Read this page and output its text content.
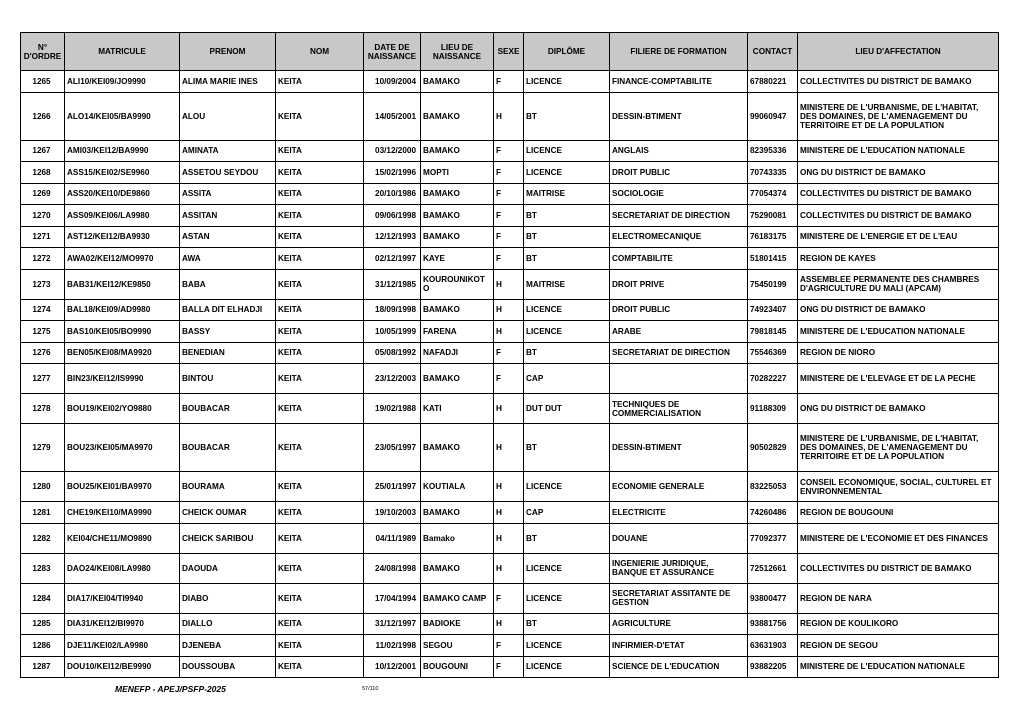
N° D'ORDRE	MATRICULE	PRENOM	NOM	DATE DE NAISSANCE	LIEU DE NAISSANCE	SEXE	DIPLÔME	FILIERE DE FORMATION	CONTACT	LIEU D'AFFECTATION
1265	ALI10/KEI09/JO9990	ALIMA MARIE INES	KEITA	10/09/2004	BAMAKO	F	LICENCE	FINANCE-COMPTABILITE	67880221	COLLECTIVITES DU DISTRICT DE BAMAKO
1266	ALO14/KEI05/BA9990	ALOU	KEITA	14/05/2001	BAMAKO	H	BT	DESSIN-BTIMENT	99060947	MINISTERE DE L'URBANISME, DE L'HABITAT, DES DOMAINES, DE L'AMENAGEMENT DU TERRITOIRE ET DE LA POPULATION
1267	AMI03/KEI12/BA9990	AMINATA	KEITA	03/12/2000	BAMAKO	F	LICENCE	ANGLAIS	82395336	MINISTERE DE L'EDUCATION NATIONALE
1268	ASS15/KEI02/SE9960	ASSETOU SEYDOU	KEITA	15/02/1996	MOPTI	F	LICENCE	DROIT PUBLIC	70743335	ONG DU DISTRICT DE BAMAKO
1269	ASS20/KEI10/DE9860	ASSITA	KEITA	20/10/1986	BAMAKO	F	MAITRISE	SOCIOLOGIE	77054374	COLLECTIVITES DU DISTRICT DE BAMAKO
1270	ASS09/KEI06/LA9980	ASSITAN	KEITA	09/06/1998	BAMAKO	F	BT	SECRETARIAT DE DIRECTION	75290081	COLLECTIVITES DU DISTRICT DE BAMAKO
1271	AST12/KEI12/BA9930	ASTAN	KEITA	12/12/1993	BAMAKO	F	BT	ELECTROMECANIQUE	76183175	MINISTERE DE L'ENERGIE ET DE L'EAU
1272	AWA02/KEI12/MO9970	AWA	KEITA	02/12/1997	KAYE	F	BT	COMPTABILITE	51801415	REGION DE KAYES
1273	BAB31/KEI12/KE9850	BABA	KEITA	31/12/1985	KOUROUNIKOT O	H	MAITRISE	DROIT PRIVE	75450199	ASSEMBLEE PERMANENTE DES CHAMBRES D'AGRICULTURE DU MALI (APCAM)
1274	BAL18/KEI09/AD9980	BALLA DIT ELHADJI	KEITA	18/09/1998	BAMAKO	H	LICENCE	DROIT PUBLIC	74923407	ONG DU DISTRICT DE BAMAKO
1275	BAS10/KEI05/BO9990	BASSY	KEITA	10/05/1999	FARENA	H	LICENCE	ARABE	79818145	MINISTERE DE L'EDUCATION NATIONALE
1276	BEN05/KEI08/MA9920	BENEDIAN	KEITA	05/08/1992	NAFADJI	F	BT	SECRETARIAT DE DIRECTION	75546369	REGION DE NIORO
1277	BIN23/KEI12/IS9990	BINTOU	KEITA	23/12/2003	BAMAKO	F	CAP		70282227	MINISTERE DE L'ELEVAGE ET DE LA PECHE
1278	BOU19/KEI02/YO9880	BOUBACAR	KEITA	19/02/1988	KATI	H	DUT DUT	TECHNIQUES DE COMMERCIALISATION	91188309	ONG DU DISTRICT DE BAMAKO
1279	BOU23/KEI05/MA9970	BOUBACAR	KEITA	23/05/1997	BAMAKO	H	BT	DESSIN-BTIMENT	90502829	MINISTERE DE L'URBANISME, DE L'HABITAT, DES DOMAINES, DE L'AMENAGEMENT DU TERRITOIRE ET DE LA POPULATION
1280	BOU25/KEI01/BA9970	BOURAMA	KEITA	25/01/1997	KOUTIALA	H	LICENCE	ECONOMIE GENERALE	83225053	CONSEIL ECONOMIQUE, SOCIAL, CULTUREL ET ENVIRONNEMENTAL
1281	CHE19/KEI10/MA9990	CHEICK OUMAR	KEITA	19/10/2003	BAMAKO	H	CAP	ELECTRICITE	74260486	REGION DE BOUGOUNI
1282	KEI04/CHE11/MO9890	CHEICK SARIBOU	KEITA	04/11/1989	Bamako	H	BT	DOUANE	77092377	MINISTERE DE L'ECONOMIE ET DES FINANCES
1283	DAO24/KEI08/LA9980	DAOUDA	KEITA	24/08/1998	BAMAKO	H	LICENCE	INGENIERIE JURIDIQUE, BANQUE ET ASSURANCE	72512661	COLLECTIVITES DU DISTRICT DE BAMAKO
1284	DIA17/KEI04/TI9940	DIABO	KEITA	17/04/1994	BAMAKO CAMP	F	LICENCE	SECRETARIAT ASSITANTE DE GESTION	93800477	REGION DE NARA
1285	DIA31/KEI12/BI9970	DIALLO	KEITA	31/12/1997	BADIOKE	H	BT	AGRICULTURE	93881756	REGION DE KOULIKORO
1286	DJE11/KEI02/LA9980	DJENEBA	KEITA	11/02/1998	SEGOU	F	LICENCE	INFIRMIER-D'ETAT	63631903	REGION DE SEGOU
1287	DOU10/KEI12/BE9990	DOUSSOUBA	KEITA	10/12/2001	BOUGOUNI	F	LICENCE	SCIENCE DE L'EDUCATION	93882205	MINISTERE DE L'EDUCATION NATIONALE
MENEFP - APEJ/PSFP-2025	57/110
